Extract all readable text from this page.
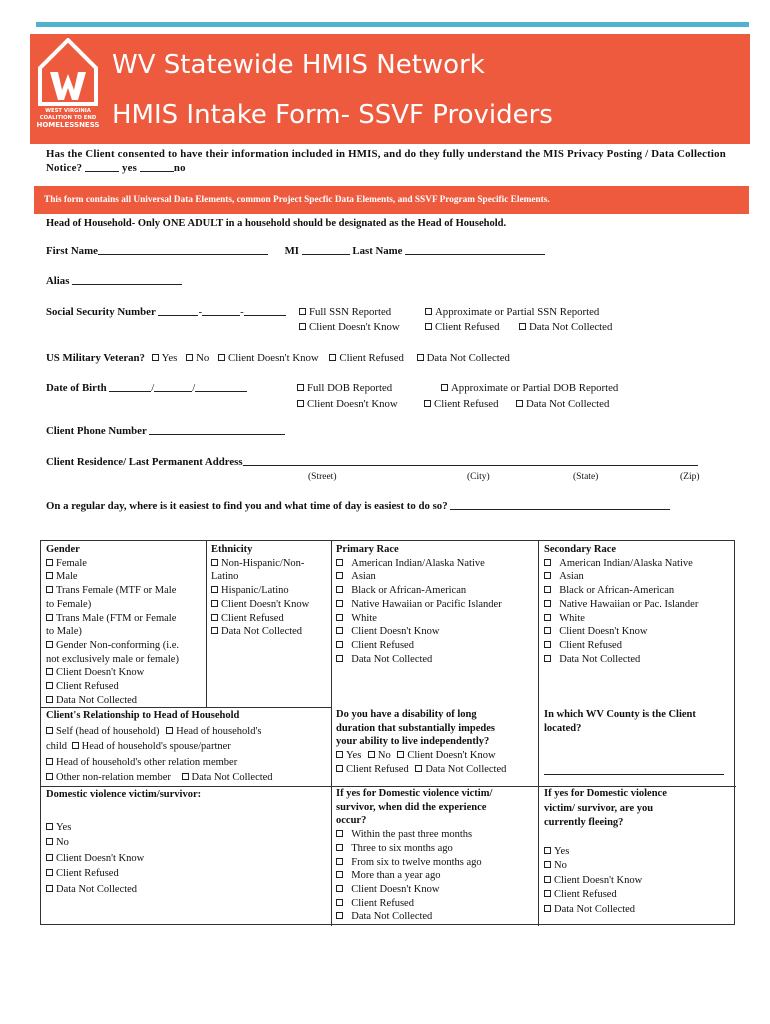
WEST VIRGINIA
COALITION TO END
HOMELESSNESS
WV Statewide HMIS Network
HMIS Intake Form- SSVF Providers
Has the Client consented to have their information included in HMIS, and do they fully understand the MIS Privacy Posting / Data Collection Notice?	yes	no
This form contains all Universal Data Elements, common Project Specfic Data Elements, and SSVF Program Specific Elements.
Head of Household- Only ONE ADULT in a household should be designated as the Head of Household.
First Name	MI	Last Name
Alias
Social Security Number	-	-	Full SSN Reported	Approximate or Partial SSN Reported
Client Doesn't Know	Client Refused	Data Not Collected
US Military Veteran? Yes No Client Doesn't Know Client Refused Data Not Collected
Date of Birth	/	/	Full DOB Reported	Approximate or Partial DOB Reported
Client Doesn't Know	Client Refused	Data Not Collected
Client Phone Number
Client Residence/ Last Permanent Address
(Street)	(City)	(State)	(Zip)
On a regular day, where is it easiest to find you and what time of day is easiest to do so?
Gender
Female
Male
Trans Female (MTF or Male
to Female)
Trans Male (FTM or Female
to Male)
Gender Non-conforming (i.e.
not exclusively male or female)
Client Doesn't Know
Client Refused
Data Not Collected
Ethnicity
Non-Hispanic/Non-
Latino
Hispanic/Latino
Client Doesn't Know
Client Refused
Data Not Collected
Primary Race
American Indian/Alaska Native
Asian
Black or African-American
Native Hawaiian or Pacific Islander
White
Client Doesn't Know
Client Refused
Data Not Collected
Secondary Race
American Indian/Alaska Native
Asian
Black or African-American
Native Hawaiian or Pac. Islander
White
Client Doesn't Know
Client Refused
Data Not Collected
Client's Relationship to Head of Household
Self (head of household) Head of household's
child Head of household's spouse/partner
Head of household's other relation member
Other non-relation member Data Not Collected
Do you have a disability of long
duration that substantially impedes
your ability to live independently?
Yes No Client Doesn't Know
Client Refused Data Not Collected
In which WV County is the Client
located?
Domestic violence victim/survivor:
Yes
No
Client Doesn't Know
Client Refused
Data Not Collected
If yes for Domestic violence victim/
survivor, when did the experience
occur?
Within the past three months
Three to six months ago
From six to twelve months ago
More than a year ago
Client Doesn't Know
Client Refused
Data Not Collected
If yes for Domestic violence
victim/ survivor, are you
currently fleeing?
Yes
No
Client Doesn't Know
Client Refused
Data Not Collected
